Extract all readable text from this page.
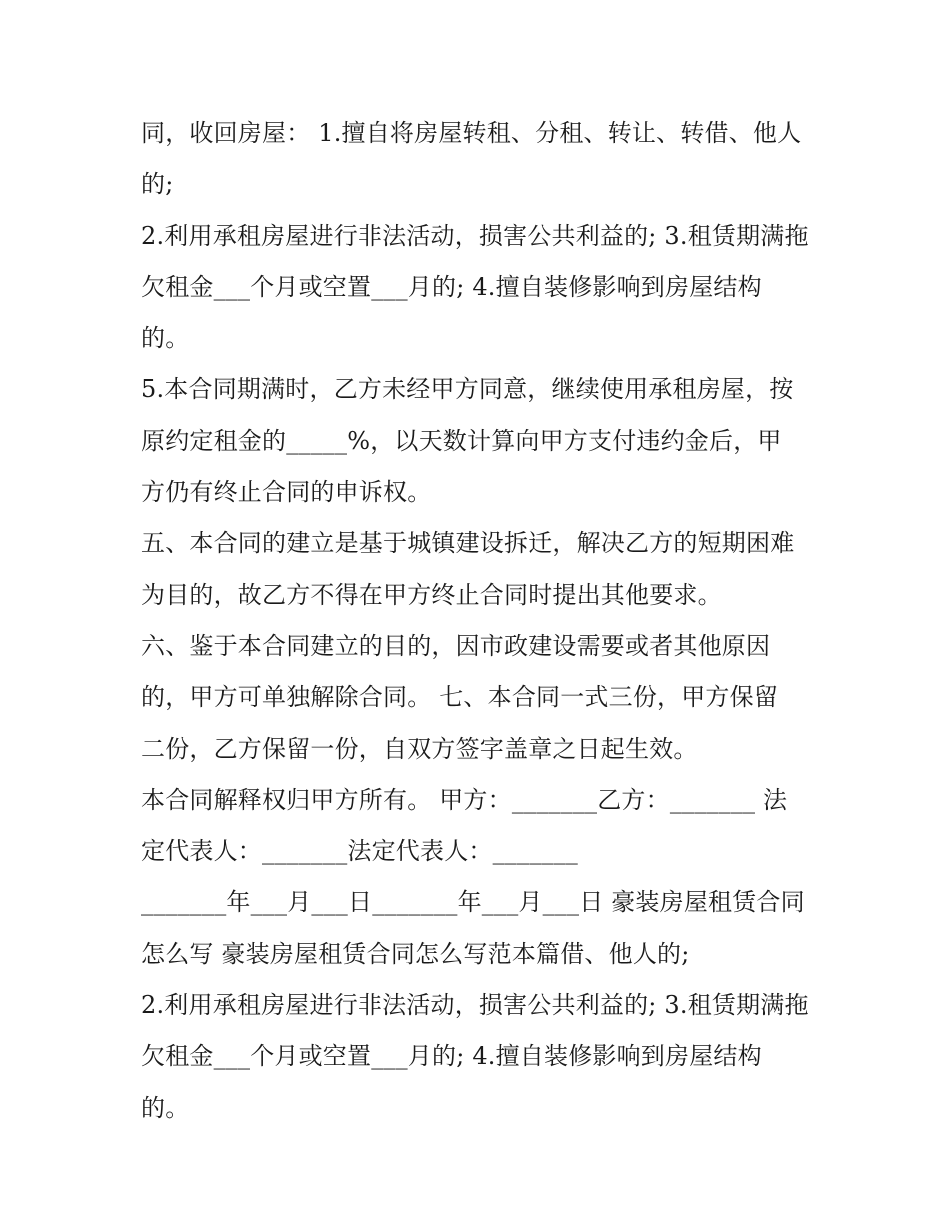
同，收回房屋： 1.擅自将房屋转租、分租、转让、转借、他人
的;
2.利用承租房屋进行非法活动，损害公共利益的; 3.租赁期满拖
欠租金___个月或空置___月的; 4.擅自装修影响到房屋结构
的。
5.本合同期满时，乙方未经甲方同意，继续使用承租房屋，按
原约定租金的_____%，以天数计算向甲方支付违约金后，甲
方仍有终止合同的申诉权。
五、本合同的建立是基于城镇建设拆迁，解决乙方的短期困难
为目的，故乙方不得在甲方终止合同时提出其他要求。
六、鉴于本合同建立的目的，因市政建设需要或者其他原因
的，甲方可单独解除合同。 七、本合同一式三份，甲方保留
二份，乙方保留一份，自双方签字盖章之日起生效。
本合同解释权归甲方所有。 甲方：_______乙方：_______ 法
定代表人：_______法定代表人：_______
_______年___月___日_______年___月___日 豪装房屋租赁合同
怎么写 豪装房屋租赁合同怎么写范本篇借、他人的;
2.利用承租房屋进行非法活动，损害公共利益的; 3.租赁期满拖
欠租金___个月或空置___月的; 4.擅自装修影响到房屋结构
的。
